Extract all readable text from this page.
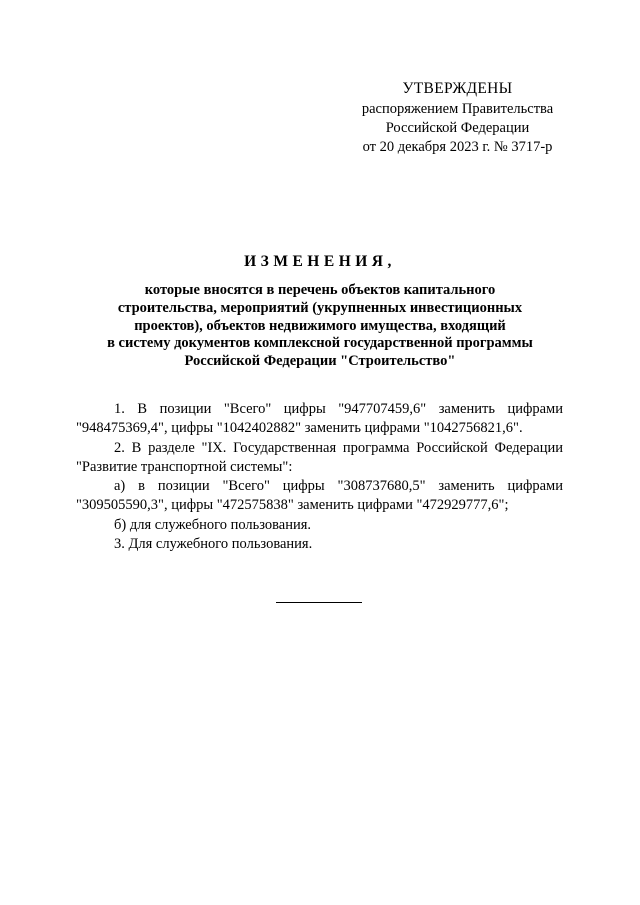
УТВЕРЖДЕНЫ
распоряжением Правительства
Российской Федерации
от 20 декабря 2023 г. № 3717-р
ИЗМЕНЕНИЯ,
которые вносятся в перечень объектов капитального
строительства, мероприятий (укрупненных инвестиционных
проектов), объектов недвижимого имущества, входящий
в систему документов комплексной государственной программы
Российской Федерации "Строительство"
1. В позиции "Всего" цифры "947707459,6" заменить цифрами
"948475369,4", цифры "1042402882" заменить цифрами "1042756821,6".
2. В разделе "IX. Государственная программа Российской Федерации
"Развитие транспортной системы":
а) в позиции "Всего" цифры "308737680,5" заменить цифрами
"309505590,3", цифры "472575838" заменить цифрами "472929777,6";
б) для служебного пользования.
3. Для служебного пользования.
